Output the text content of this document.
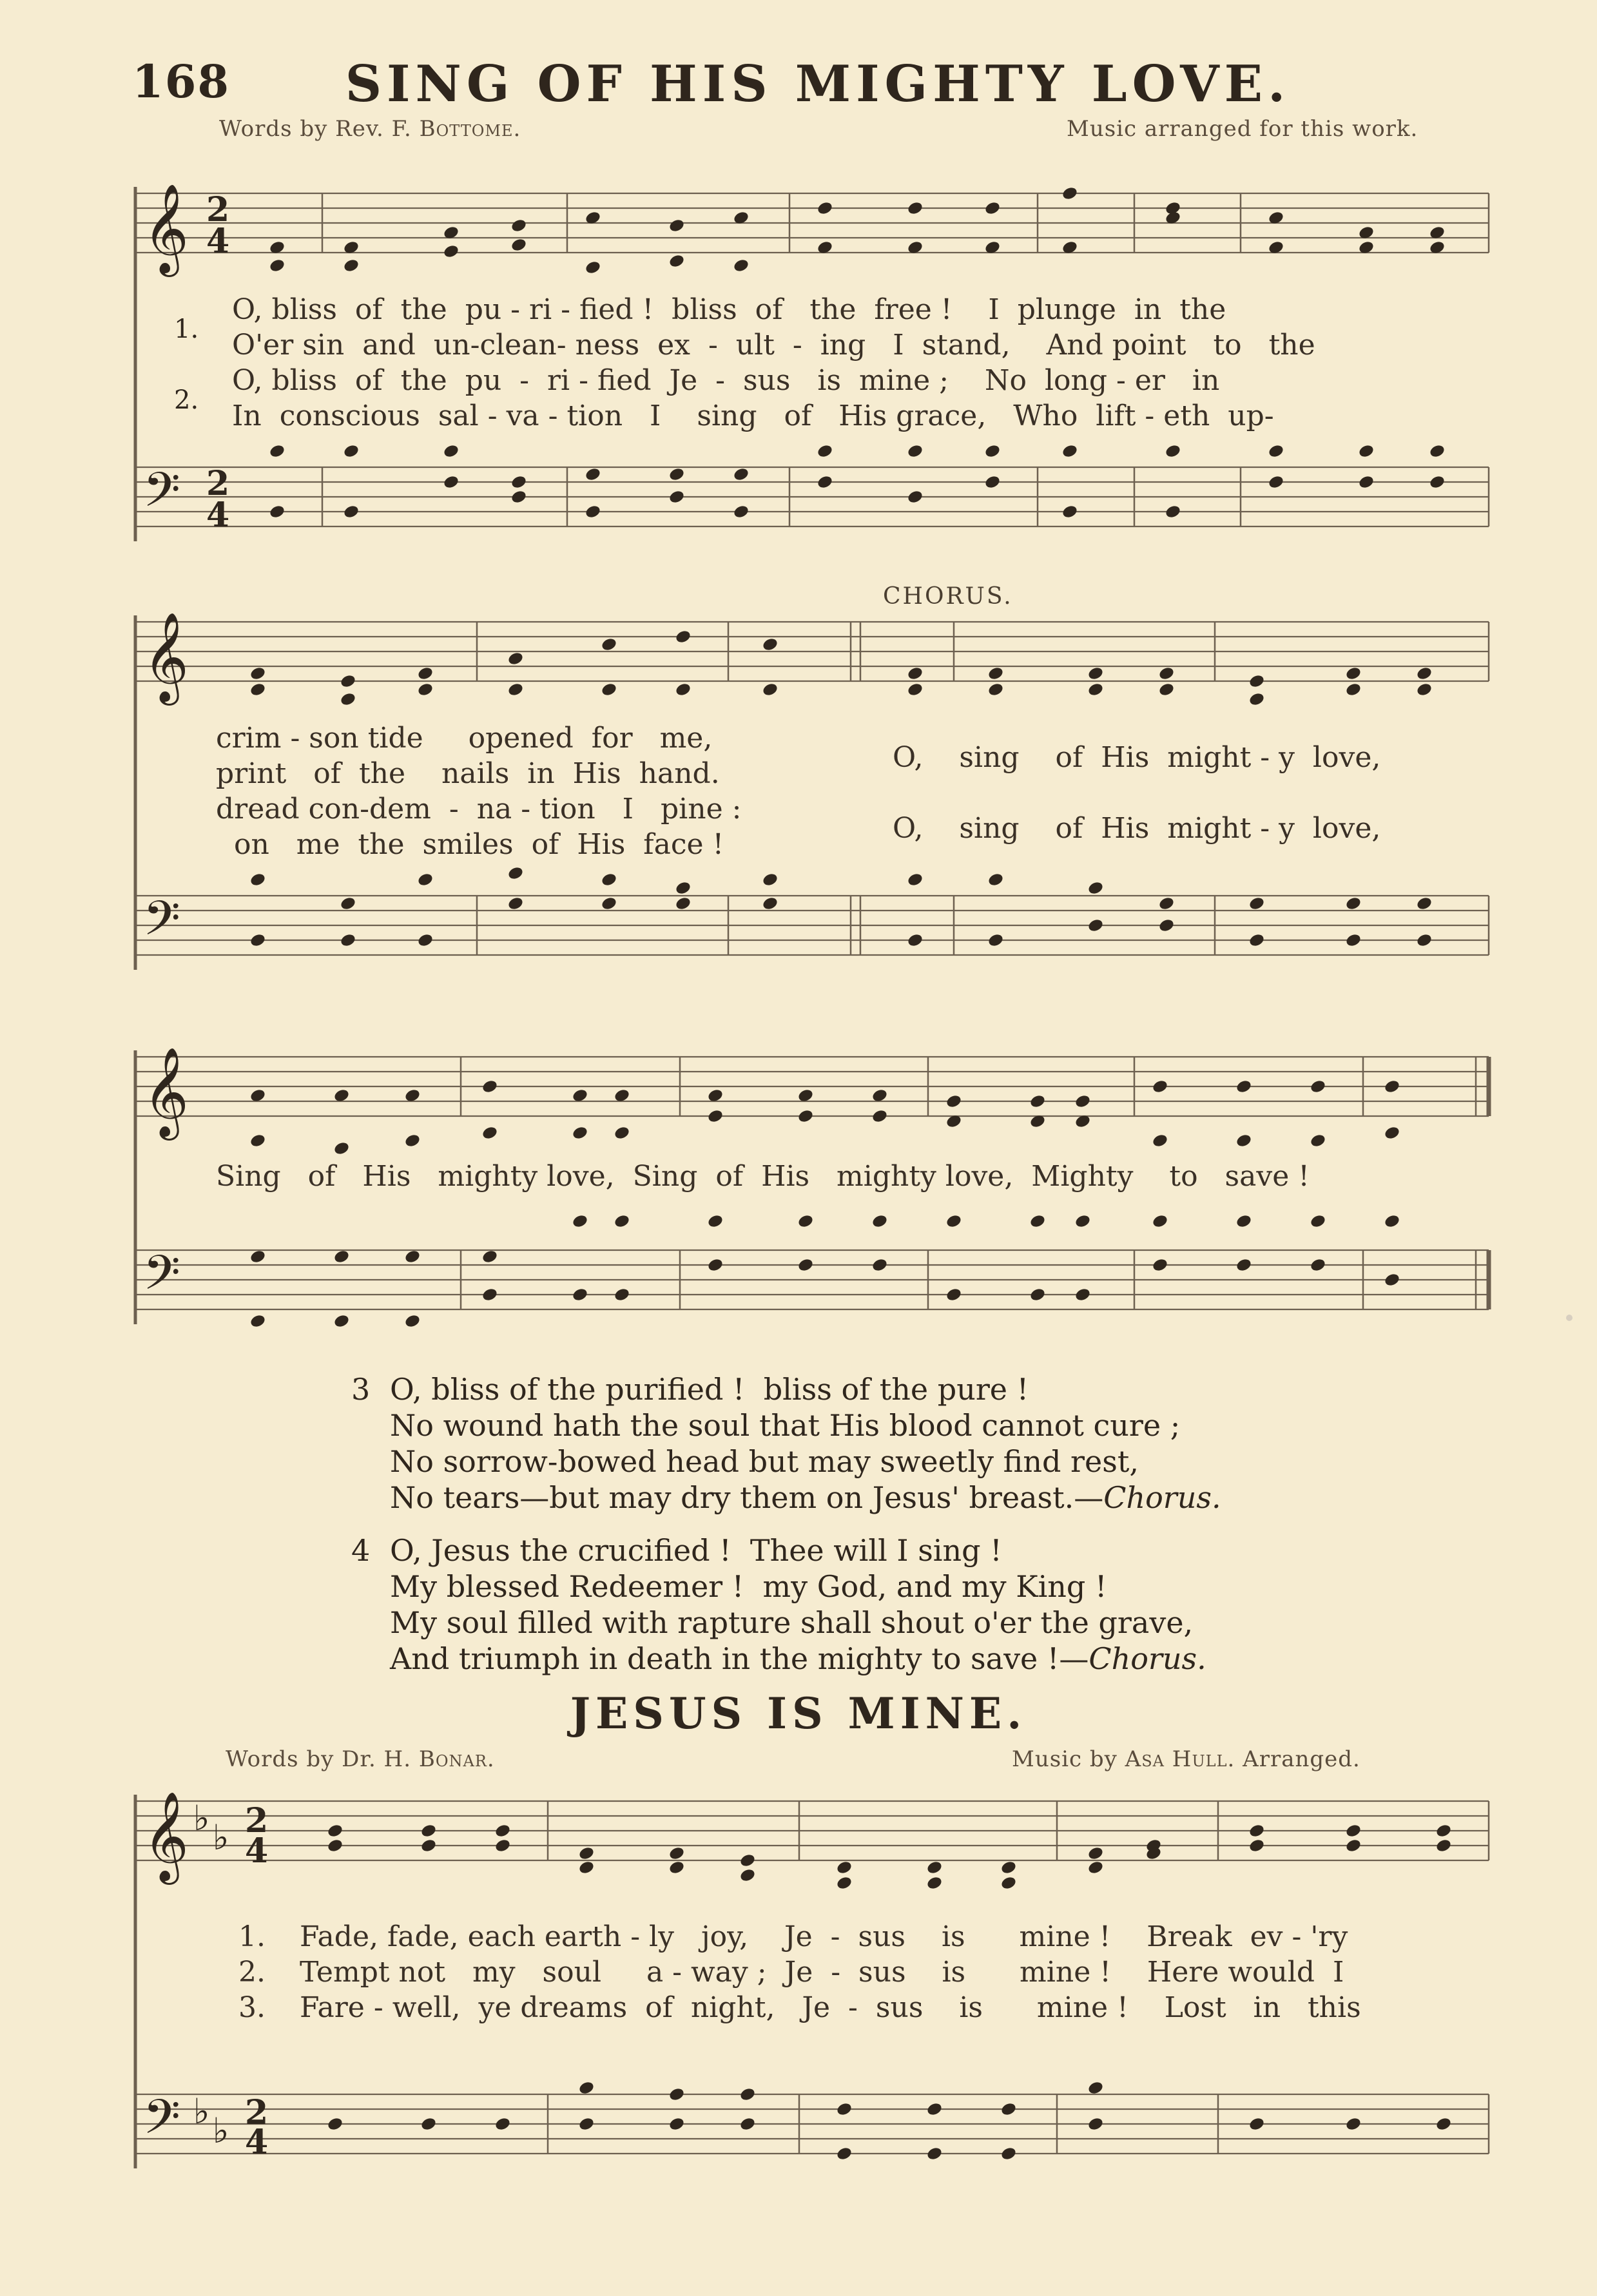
168	SING OF HIS MIGHTY LOVE.
Words by Rev. F. Bottome.	Music arranged for this work.
𝄞
𝄢
2
4
2
4
𝄞
𝄢
𝄞
𝄢
𝄞
𝄢
♭ ♭
♭ ♭
2
4
2
4
1.
2.
O, bliss  of  the  pu - ri - fied !  bliss  of   the  free !    I  plunge  in  the
O'er sin  and  un-clean- ness  ex  -  ult  -  ing   I  stand,    And point   to   the
O, bliss  of  the  pu  -  ri - fied  Je  -  sus   is  mine ;    No  long - er   in
In  conscious  sal - va - tion   I    sing   of   His grace,   Who  lift - eth  up-
CHORUS.
crim - son tide     opened  for   me,
print   of  the    nails  in  His  hand.
dread con-dem  -  na - tion   I   pine :
on   me  the  smiles  of  His  face !
O,    sing    of  His  might - y  love,
O,    sing    of  His  might - y  love,
Sing   of   His   mighty love,  Sing  of  His   mighty love,  Mighty    to   save !
3 O, bliss of the purified !  bliss of the pure !
No wound hath the soul that His blood cannot cure ;
No sorrow-bowed head but may sweetly find rest,
No tears—but may dry them on Jesus' breast.—Chorus.
4 O, Jesus the crucified !  Thee will I sing !
My blessed Redeemer !  my God, and my King !
My soul filled with rapture shall shout o'er the grave,
And triumph in death in the mighty to save !—Chorus.
JESUS IS MINE.
Words by Dr. H. Bonar.	Music by Asa Hull. Arranged.
1. Fade, fade, each earth - ly   joy,    Je  -  sus    is      mine !    Break  ev - 'ry
2. Tempt not   my   soul     a - way ;  Je  -  sus    is      mine !    Here would  I
3. Fare - well,  ye dreams  of  night,   Je  -  sus    is      mine !    Lost   in   this
